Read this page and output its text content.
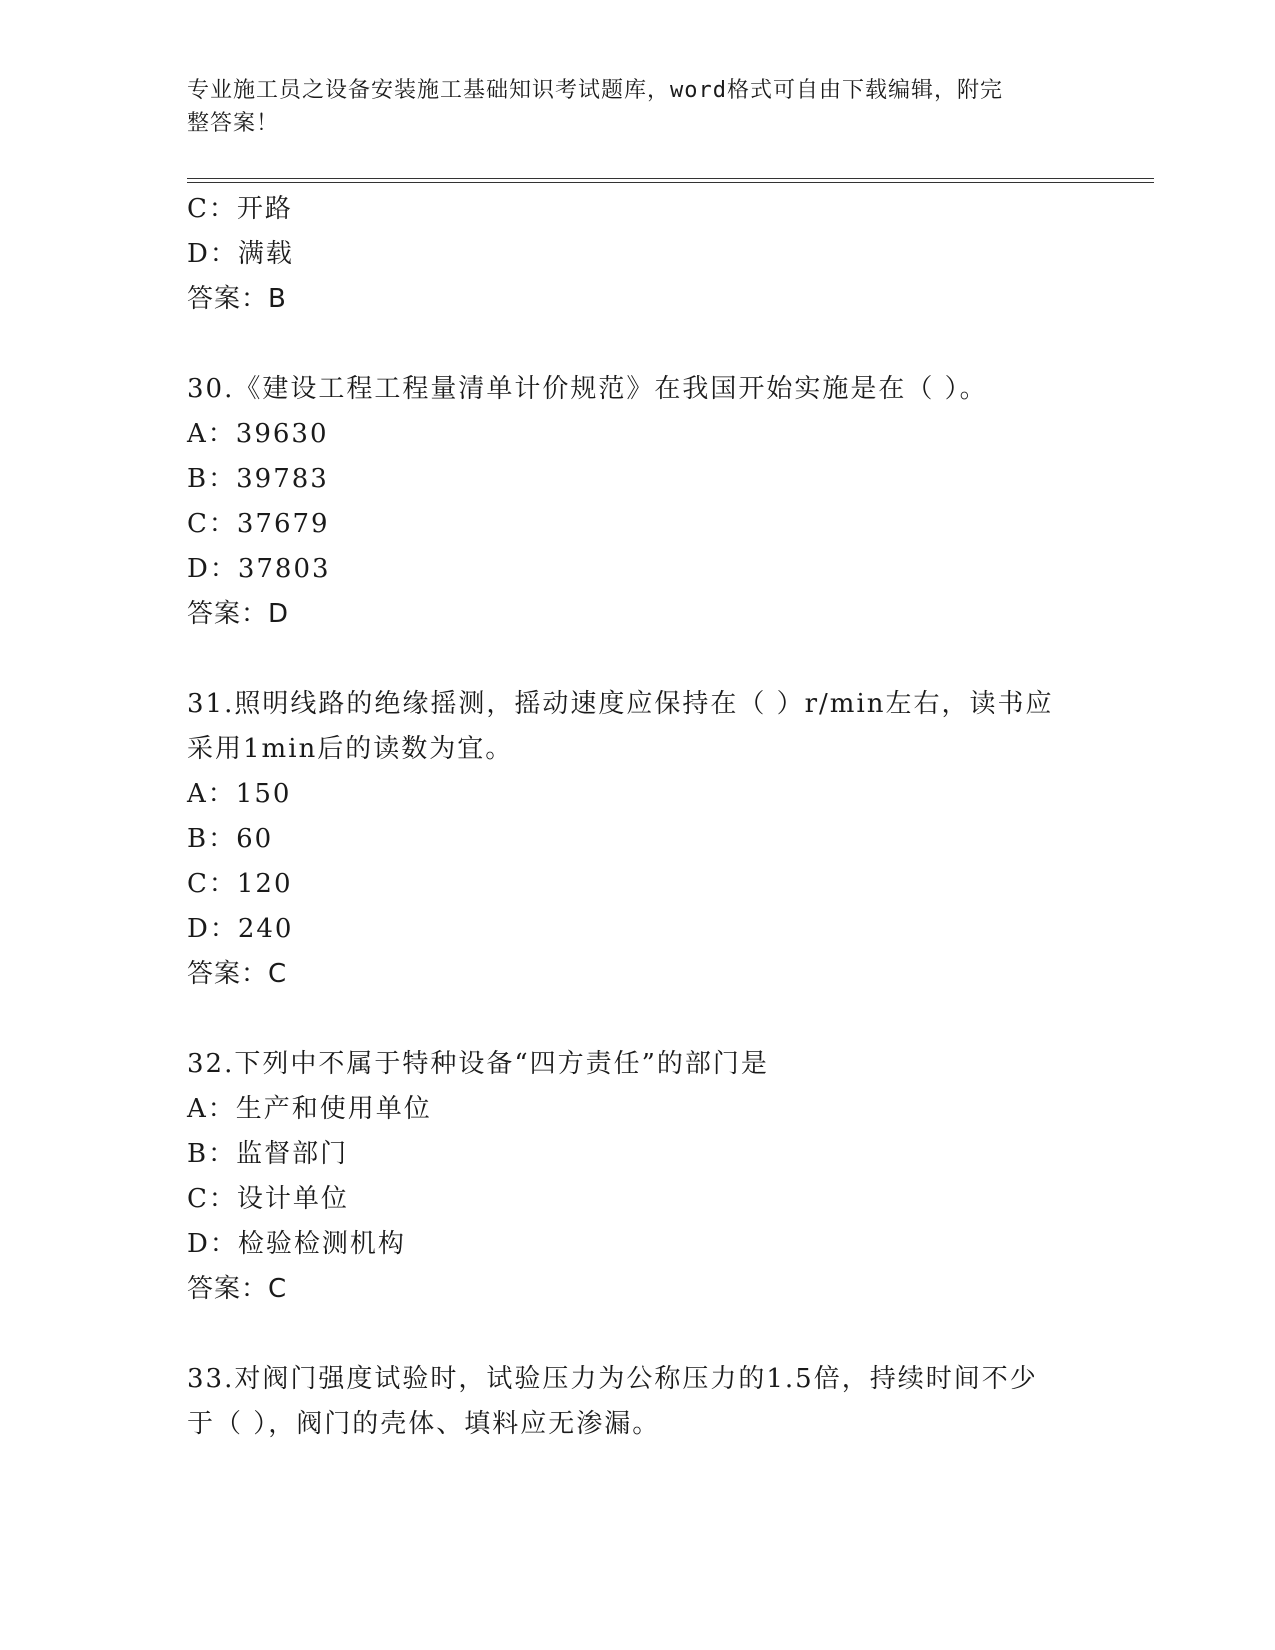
专业施工员之设备安装施工基础知识考试题库，word格式可自由下载编辑，附完
整答案！
C：开路
D：满载
答案：B
30.《建设工程工程量清单计价规范》在我国开始实施是在（ ）。
A：39630
B：39783
C：37679
D：37803
答案：D
31.照明线路的绝缘摇测，摇动速度应保持在（ ）r/min左右，读书应
采用1min后的读数为宜。
A：150
B：60
C：120
D：240
答案：C
32.下列中不属于特种设备“四方责任”的部门是
A：生产和使用单位
B：监督部门
C：设计单位
D：检验检测机构
答案：C
33.对阀门强度试验时，试验压力为公称压力的1.5倍，持续时间不少
于（ ），阀门的壳体、填料应无渗漏。
